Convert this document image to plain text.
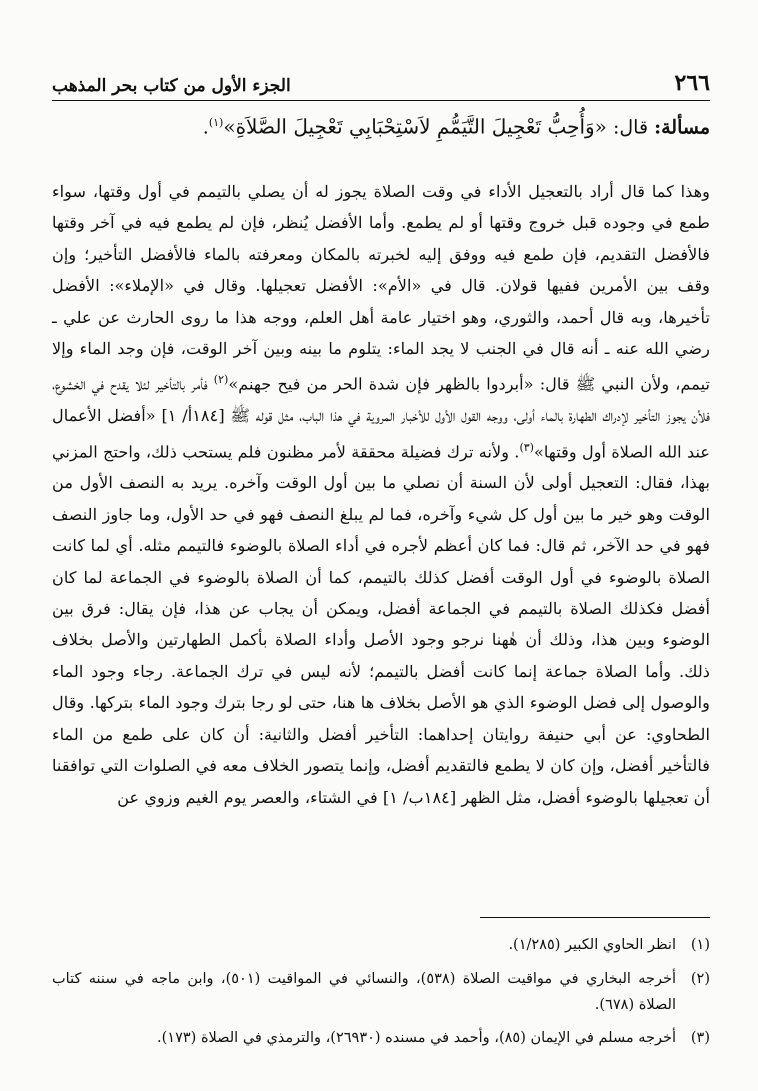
٢٦٦
الجزء الأول من كتاب بحر المذهب
مسألة: قال: «وَأُحِبُّ تَعْجِيلَ التَّيَمُّمِ لاَسْتِحْبَابِي تَعْجِيلَ الصَّلاَةِ»$^{(١)}$.

وهذا كما قال أراد بالتعجيل الأداء في وقت الصلاة يجوز له أن يصلي بالتيمم في أول وقتها، سواء طمع في وجوده قبل خروج وقتها أو لم يطمع. وأما الأفضل يُنظر، فإن لم يطمع فيه في آخر وقتها فالأفضل التقديم، فإن طمع فيه ووفق إليه لخبرته بالمكان ومعرفته بالماء فالأفضل التأخير؛ وإن وقف بين الأمرين ففيها قولان. قال في «الأم»: الأفضل تعجيلها. وقال في «الإملاء»: الأفضل تأخيرها، وبه قال أحمد، والثوري، وهو اختيار عامة أهل العلم، ووجه هذا ما روى الحارث عن علي ـ رضي الله عنه ـ أنه قال في الجنب لا يجد الماء: يتلوم ما بينه وبين آخر الوقت، فإن وجد الماء وإلا تيمم، ولأن النبي ﷺ قال: «أبردوا بالظهر فإن شدة الحر من فيح جهنم»$^{(٢)}$ فأمر بالتأخير لئلا يقدح في الخشوع، فلأن يجوز التأخير لإدراك الطهارة بالماء أولى، ووجه القول الأول للأخبار المروية في هذا الباب، مثل قوله ﷺ [١٨٤أ/ ١] «أفضل الأعمال عند الله الصلاة أول وقتها»$^{(٣)}$. ولأنه ترك فضيلة محققة لأمر مظنون فلم يستحب ذلك، واحتج المزني بهذا، فقال: التعجيل أولى لأن السنة أن نصلي ما بين أول الوقت وآخره. يريد به النصف الأول من الوقت وهو خير ما بين أول كل شيء وآخره، فما لم يبلغ النصف فهو في حد الأول، وما جاوز النصف فهو في حد الآخر، ثم قال: فما كان أعظم لأجره في أداء الصلاة بالوضوء فالتيمم مثله. أي لما كانت الصلاة بالوضوء في أول الوقت أفضل كذلك بالتيمم، كما أن الصلاة بالوضوء في الجماعة لما كان أفضل فكذلك الصلاة بالتيمم في الجماعة أفضل، ويمكن أن يجاب عن هذا، فإن يقال: فرق بين الوضوء وبين هذا، وذلك أن هٰهنا نرجو وجود الأصل وأداء الصلاة بأكمل الطهارتين والأصل بخلاف ذلك. وأما الصلاة جماعة إنما كانت أفضل بالتيمم؛ لأنه ليس في ترك الجماعة. رجاء وجود الماء والوصول إلى فضل الوضوء الذي هو الأصل بخلاف ها هنا، حتى لو رجا بترك وجود الماء بتركها. وقال الطحاوي: عن أبي حنيفة روايتان إحداهما: التأخير أفضل والثانية: أن كان على طمع من الماء فالتأخير أفضل، وإن كان لا يطمع فالتقديم أفضل، وإنما يتصور الخلاف معه في الصلوات التي توافقنا أن تعجيلها بالوضوء أفضل، مثل الظهر [١٨٤ب/ ١] في الشتاء، والعصر يوم الغيم وزوي عن

(١)
انظر الحاوي الكبير (١/٢٨٥).
(٢)
أخرجه البخاري في مواقيت الصلاة (٥٣٨)، والنسائي في المواقيت (٥٠١)، وابن ماجه في سننه كتاب الصلاة (٦٧٨).
(٣)
أخرجه مسلم في الإيمان (٨٥)، وأحمد في مسنده (٢٦٩٣٠)، والترمذي في الصلاة (١٧٣).
